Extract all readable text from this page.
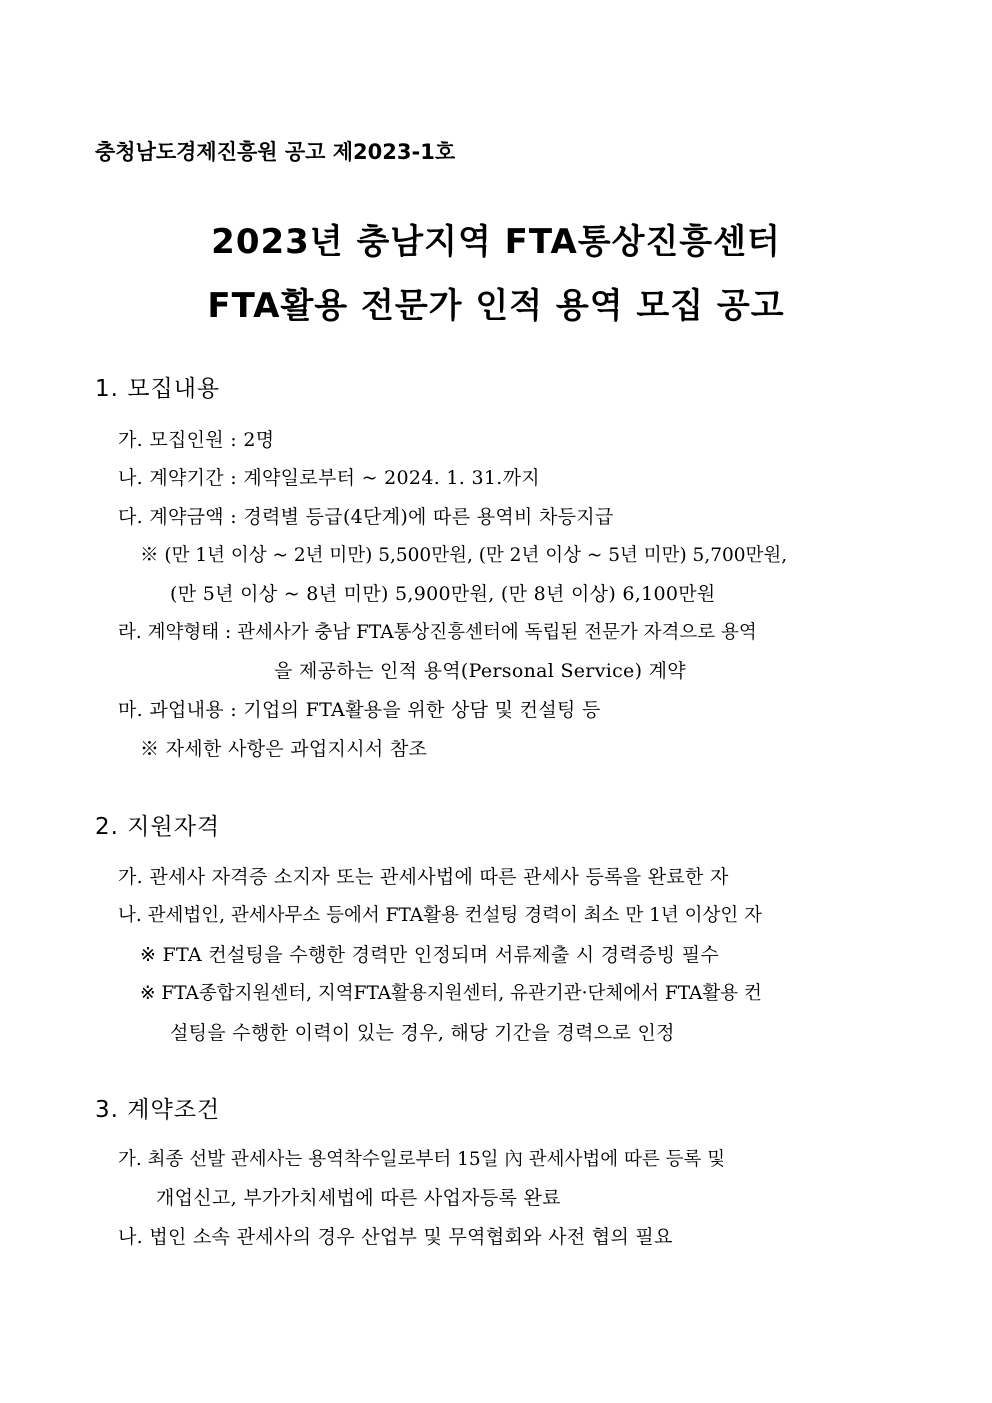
충청남도경제진흥원 공고 제2023-1호
2023년 충남지역 FTA통상진흥센터
FTA활용 전문가 인적 용역 모집 공고
1. 모집내용
가. 모집인원 : 2명
나. 계약기간 : 계약일로부터 ~ 2024. 1. 31.까지
다. 계약금액 : 경력별 등급(4단계)에 따른 용역비 차등지급
※ (만 1년 이상 ~ 2년 미만) 5,500만원, (만 2년 이상 ~ 5년 미만) 5,700만원,
(만 5년 이상 ~ 8년 미만) 5,900만원, (만 8년 이상) 6,100만원
라. 계약형태 : 관세사가 충남 FTA통상진흥센터에 독립된 전문가 자격으로 용역
을 제공하는 인적 용역(Personal Service) 계약
마. 과업내용 : 기업의 FTA활용을 위한 상담 및 컨설팅 등
※ 자세한 사항은 과업지시서 참조
2. 지원자격
가. 관세사 자격증 소지자 또는 관세사법에 따른 관세사 등록을 완료한 자
나. 관세법인, 관세사무소 등에서 FTA활용 컨설팅 경력이 최소 만 1년 이상인 자
※ FTA 컨설팅을 수행한 경력만 인정되며 서류제출 시 경력증빙 필수
※ FTA종합지원센터, 지역FTA활용지원센터, 유관기관·단체에서 FTA활용 컨
설팅을 수행한 이력이 있는 경우, 해당 기간을 경력으로 인정
3. 계약조건
가. 최종 선발 관세사는 용역착수일로부터 15일 內 관세사법에 따른 등록 및
개업신고, 부가가치세법에 따른 사업자등록 완료
나. 법인 소속 관세사의 경우 산업부 및 무역협회와 사전 협의 필요
